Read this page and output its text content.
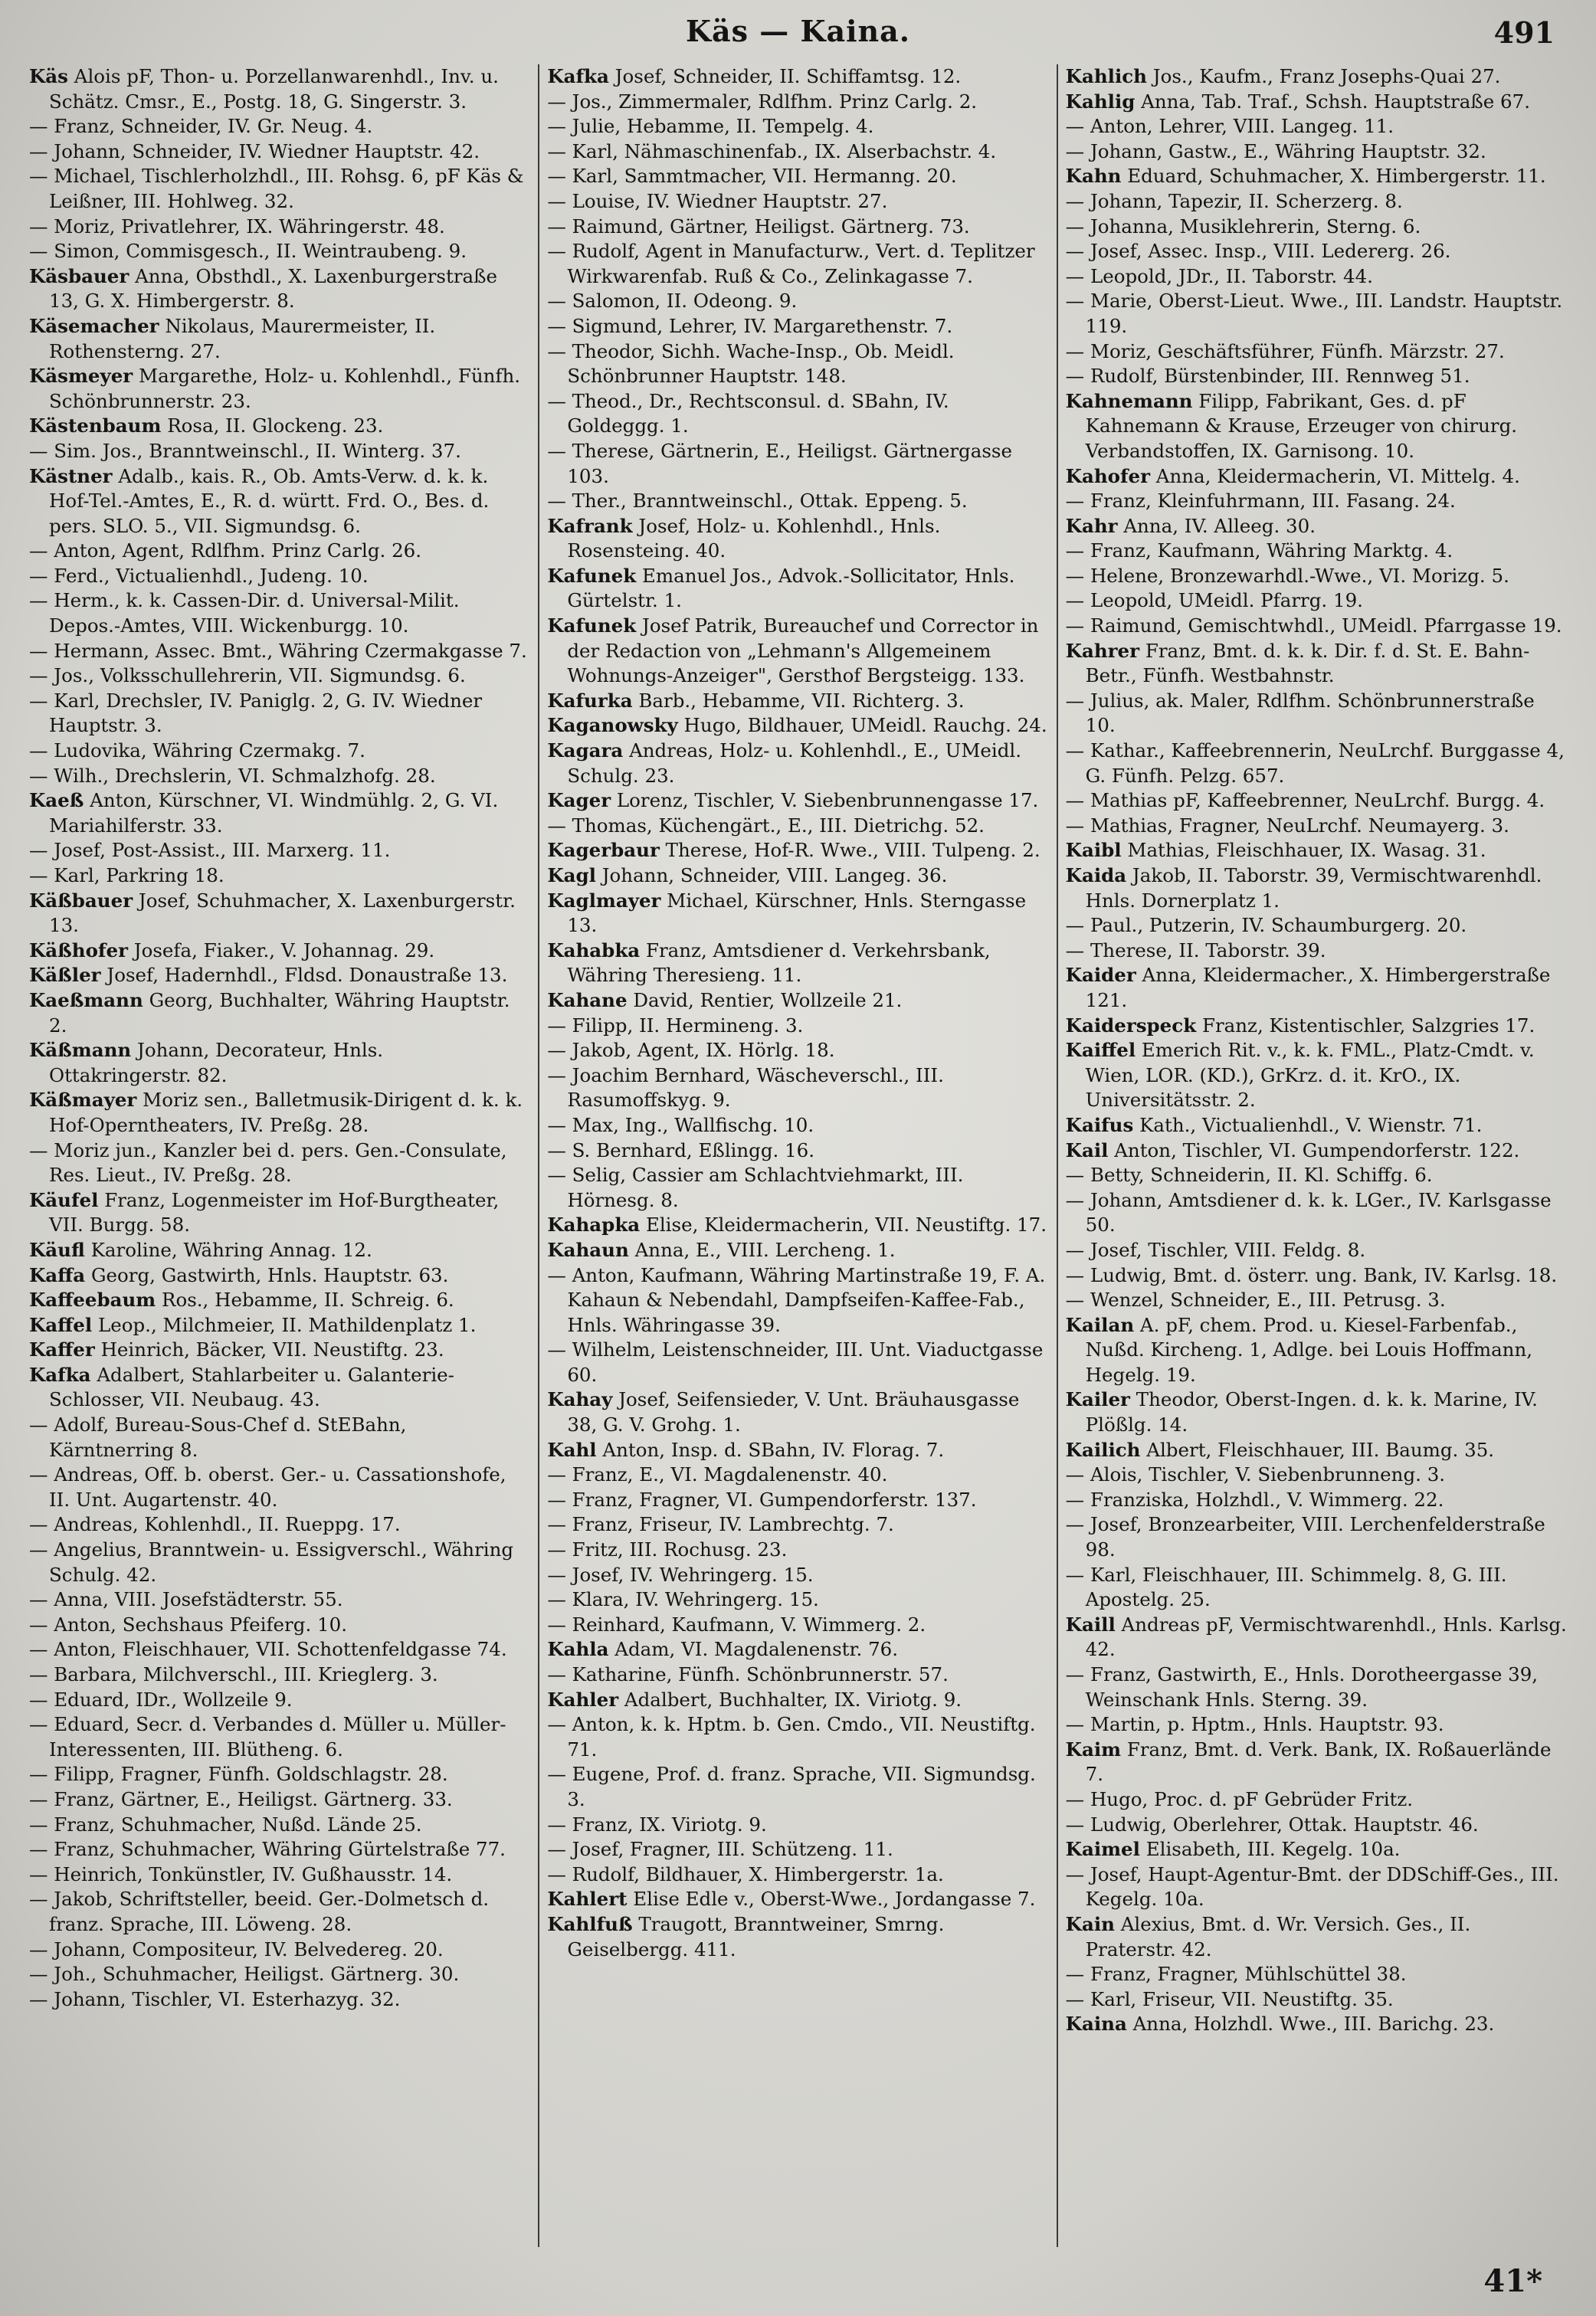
Käs — Kaina.	491
Käs Alois pF, Thon- u. Porzellanwarenhdl., Inv. u. Schätz. Cmsr., E., Postg. 18, G. Singerstr. 3.
— Franz, Schneider, IV. Gr. Neug. 4.
— Johann, Schneider, IV. Wiedner Hauptstr. 42.
— Michael, Tischlerholzhdl., III. Rohsg. 6, pF Käs & Leißner, III. Hohlweg. 32.
— Moriz, Privatlehrer, IX. Währingerstr. 48.
— Simon, Commisgesch., II. Weintraubeng. 9.
Käsbauer Anna, Obsthdl., X. Laxenburgerstraße 13, G. X. Himbergerstr. 8.
Käsemacher Nikolaus, Maurermeister, II. Rothensterng. 27.
Käsmeyer Margarethe, Holz- u. Kohlenhdl., Fünfh. Schönbrunnerstr. 23.
Kästenbaum Rosa, II. Glockeng. 23.
— Sim. Jos., Branntweinschl., II. Winterg. 37.
Kästner Adalb., kais. R., Ob. Amts-Verw. d. k. k. Hof-Tel.-Amtes, E., R. d. württ. Frd. O., Bes. d. pers. SLO. 5., VII. Sigmundsg. 6.
— Anton, Agent, Rdlfhm. Prinz Carlg. 26.
— Ferd., Victualienhdl., Judeng. 10.
— Herm., k. k. Cassen-Dir. d. Universal-Milit. Depos.-Amtes, VIII. Wickenburgg. 10.
— Hermann, Assec. Bmt., Währing Czermakgasse 7.
— Jos., Volksschullehrerin, VII. Sigmundsg. 6.
— Karl, Drechsler, IV. Paniglg. 2, G. IV. Wiedner Hauptstr. 3.
— Ludovika, Währing Czermakg. 7.
— Wilh., Drechslerin, VI. Schmalzhofg. 28.
Kaeß Anton, Kürschner, VI. Windmühlg. 2, G. VI. Mariahilferstr. 33.
— Josef, Post-Assist., III. Marxerg. 11.
— Karl, Parkring 18.
Käßbauer Josef, Schuhmacher, X. Laxenburgerstr. 13.
Käßhofer Josefa, Fiaker., V. Johannag. 29.
Käßler Josef, Hadernhdl., Fldsd. Donaustraße 13.
Kaeßmann Georg, Buchhalter, Währing Hauptstr. 2.
Käßmann Johann, Decorateur, Hnls. Ottakringerstr. 82.
Käßmayer Moriz sen., Balletmusik-Dirigent d. k. k. Hof-Operntheaters, IV. Preßg. 28.
— Moriz jun., Kanzler bei d. pers. Gen.-Consulate, Res. Lieut., IV. Preßg. 28.
Käufel Franz, Logenmeister im Hof-Burgtheater, VII. Burgg. 58.
Käufl Karoline, Währing Annag. 12.
Kaffa Georg, Gastwirth, Hnls. Hauptstr. 63.
Kaffeebaum Ros., Hebamme, II. Schreig. 6.
Kaffel Leop., Milchmeier, II. Mathildenplatz 1.
Kaffer Heinrich, Bäcker, VII. Neustiftg. 23.
Kafka Adalbert, Stahlarbeiter u. Galanterie-Schlosser, VII. Neubaug. 43.
— Adolf, Bureau-Sous-Chef d. StEBahn, Kärntnerring 8.
— Andreas, Off. b. oberst. Ger.- u. Cassationshofe, II. Unt. Augartenstr. 40.
— Andreas, Kohlenhdl., II. Rueppg. 17.
— Angelius, Branntwein- u. Essigverschl., Währing Schulg. 42.
— Anna, VIII. Josefstädterstr. 55.
— Anton, Sechshaus Pfeiferg. 10.
— Anton, Fleischhauer, VII. Schottenfeldgasse 74.
— Barbara, Milchverschl., III. Krieglerg. 3.
— Eduard, IDr., Wollzeile 9.
— Eduard, Secr. d. Verbandes d. Müller u. Müller-Interessenten, III. Blütheng. 6.
— Filipp, Fragner, Fünfh. Goldschlagstr. 28.
— Franz, Gärtner, E., Heiligst. Gärtnerg. 33.
— Franz, Schuhmacher, Nußd. Lände 25.
— Franz, Schuhmacher, Währing Gürtelstraße 77.
— Heinrich, Tonkünstler, IV. Gußhausstr. 14.
— Jakob, Schriftsteller, beeid. Ger.-Dolmetsch d. franz. Sprache, III. Löweng. 28.
— Johann, Compositeur, IV. Belvedereg. 20.
— Joh., Schuhmacher, Heiligst. Gärtnerg. 30.
— Johann, Tischler, VI. Esterhazyg. 32.
Kafka Josef, Schneider, II. Schiffamtsg. 12.
— Jos., Zimmermaler, Rdlfhm. Prinz Carlg. 2.
— Julie, Hebamme, II. Tempelg. 4.
— Karl, Nähmaschinenfab., IX. Alserbachstr. 4.
— Karl, Sammtmacher, VII. Hermanng. 20.
— Louise, IV. Wiedner Hauptstr. 27.
— Raimund, Gärtner, Heiligst. Gärtnerg. 73.
— Rudolf, Agent in Manufacturw., Vert. d. Teplitzer Wirkwarenfab. Ruß & Co., Zelinkagasse 7.
— Salomon, II. Odeong. 9.
— Sigmund, Lehrer, IV. Margarethenstr. 7.
— Theodor, Sichh. Wache-Insp., Ob. Meidl. Schönbrunner Hauptstr. 148.
— Theod., Dr., Rechtsconsul. d. SBahn, IV. Goldeggg. 1.
— Therese, Gärtnerin, E., Heiligst. Gärtnergasse 103.
— Ther., Branntweinschl., Ottak. Eppeng. 5.
Kafrank Josef, Holz- u. Kohlenhdl., Hnls. Rosensteing. 40.
Kafunek Emanuel Jos., Advok.-Sollicitator, Hnls. Gürtelstr. 1.
Kafunek Josef Patrik, Bureauchef und Corrector in der Redaction von „Lehmann's Allgemeinem Wohnungs-Anzeiger", Gersthof Bergsteigg. 133.
Kafurka Barb., Hebamme, VII. Richterg. 3.
Kaganowsky Hugo, Bildhauer, UMeidl. Rauchg. 24.
Kagara Andreas, Holz- u. Kohlenhdl., E., UMeidl. Schulg. 23.
Kager Lorenz, Tischler, V. Siebenbrunnengasse 17.
— Thomas, Küchengärt., E., III. Dietrichg. 52.
Kagerbaur Therese, Hof-R. Wwe., VIII. Tulpeng. 2.
Kagl Johann, Schneider, VIII. Langeg. 36.
Kaglmayer Michael, Kürschner, Hnls. Sterngasse 13.
Kahabka Franz, Amtsdiener d. Verkehrsbank, Währing Theresieng. 11.
Kahane David, Rentier, Wollzeile 21.
— Filipp, II. Hermineng. 3.
— Jakob, Agent, IX. Hörlg. 18.
— Joachim Bernhard, Wäscheverschl., III. Rasumoffskyg. 9.
— Max, Ing., Wallfischg. 10.
— S. Bernhard, Eßlingg. 16.
— Selig, Cassier am Schlachtviehmarkt, III. Hörnesg. 8.
Kahapka Elise, Kleidermacherin, VII. Neustiftg. 17.
Kahaun Anna, E., VIII. Lercheng. 1.
— Anton, Kaufmann, Währing Martinstraße 19, F. A. Kahaun & Nebendahl, Dampfseifen-Kaffee-Fab., Hnls. Währingasse 39.
— Wilhelm, Leistenschneider, III. Unt. Viaductgasse 60.
Kahay Josef, Seifensieder, V. Unt. Bräuhausgasse 38, G. V. Grohg. 1.
Kahl Anton, Insp. d. SBahn, IV. Florag. 7.
— Franz, E., VI. Magdalenenstr. 40.
— Franz, Fragner, VI. Gumpendorferstr. 137.
— Franz, Friseur, IV. Lambrechtg. 7.
— Fritz, III. Rochusg. 23.
— Josef, IV. Wehringerg. 15.
— Klara, IV. Wehringerg. 15.
— Reinhard, Kaufmann, V. Wimmerg. 2.
Kahla Adam, VI. Magdalenenstr. 76.
— Katharine, Fünfh. Schönbrunnerstr. 57.
Kahler Adalbert, Buchhalter, IX. Viriotg. 9.
— Anton, k. k. Hptm. b. Gen. Cmdo., VII. Neustiftg. 71.
— Eugene, Prof. d. franz. Sprache, VII. Sigmundsg. 3.
— Franz, IX. Viriotg. 9.
— Josef, Fragner, III. Schützeng. 11.
— Rudolf, Bildhauer, X. Himbergerstr. 1a.
Kahlert Elise Edle v., Oberst-Wwe., Jordangasse 7.
Kahlfuß Traugott, Branntweiner, Smrng. Geiselbergg. 411.
Kahlich Jos., Kaufm., Franz Josephs-Quai 27.
Kahlig Anna, Tab. Traf., Schsh. Hauptstraße 67.
— Anton, Lehrer, VIII. Langeg. 11.
— Johann, Gastw., E., Währing Hauptstr. 32.
Kahn Eduard, Schuhmacher, X. Himbergerstr. 11.
— Johann, Tapezir, II. Scherzerg. 8.
— Johanna, Musiklehrerin, Sterng. 6.
— Josef, Assec. Insp., VIII. Ledererg. 26.
— Leopold, JDr., II. Taborstr. 44.
— Marie, Oberst-Lieut. Wwe., III. Landstr. Hauptstr. 119.
— Moriz, Geschäftsführer, Fünfh. Märzstr. 27.
— Rudolf, Bürstenbinder, III. Rennweg 51.
Kahnemann Filipp, Fabrikant, Ges. d. pF Kahnemann & Krause, Erzeuger von chirurg. Verbandstoffen, IX. Garnisong. 10.
Kahofer Anna, Kleidermacherin, VI. Mittelg. 4.
— Franz, Kleinfuhrmann, III. Fasang. 24.
Kahr Anna, IV. Alleeg. 30.
— Franz, Kaufmann, Währing Marktg. 4.
— Helene, Bronzewarhdl.-Wwe., VI. Morizg. 5.
— Leopold, UMeidl. Pfarrg. 19.
— Raimund, Gemischtwhdl., UMeidl. Pfarrgasse 19.
Kahrer Franz, Bmt. d. k. k. Dir. f. d. St. E. Bahn-Betr., Fünfh. Westbahnstr.
— Julius, ak. Maler, Rdlfhm. Schönbrunnerstraße 10.
— Kathar., Kaffeebrennerin, NeuLrchf. Burggasse 4, G. Fünfh. Pelzg. 657.
— Mathias pF, Kaffeebrenner, NeuLrchf. Burgg. 4.
— Mathias, Fragner, NeuLrchf. Neumayerg. 3.
Kaibl Mathias, Fleischhauer, IX. Wasag. 31.
Kaida Jakob, II. Taborstr. 39, Vermischtwarenhdl. Hnls. Dornerplatz 1.
— Paul., Putzerin, IV. Schaumburgerg. 20.
— Therese, II. Taborstr. 39.
Kaider Anna, Kleidermacher., X. Himbergerstraße 121.
Kaiderspeck Franz, Kistentischler, Salzgries 17.
Kaiffel Emerich Rit. v., k. k. FML., Platz-Cmdt. v. Wien, LOR. (KD.), GrKrz. d. it. KrO., IX. Universitätsstr. 2.
Kaifus Kath., Victualienhdl., V. Wienstr. 71.
Kail Anton, Tischler, VI. Gumpendorferstr. 122.
— Betty, Schneiderin, II. Kl. Schiffg. 6.
— Johann, Amtsdiener d. k. k. LGer., IV. Karlsgasse 50.
— Josef, Tischler, VIII. Feldg. 8.
— Ludwig, Bmt. d. österr. ung. Bank, IV. Karlsg. 18.
— Wenzel, Schneider, E., III. Petrusg. 3.
Kailan A. pF, chem. Prod. u. Kiesel-Farbenfab., Nußd. Kircheng. 1, Adlge. bei Louis Hoffmann, Hegelg. 19.
Kailer Theodor, Oberst-Ingen. d. k. k. Marine, IV. Plößlg. 14.
Kailich Albert, Fleischhauer, III. Baumg. 35.
— Alois, Tischler, V. Siebenbrunneng. 3.
— Franziska, Holzhdl., V. Wimmerg. 22.
— Josef, Bronzearbeiter, VIII. Lerchenfelderstraße 98.
— Karl, Fleischhauer, III. Schimmelg. 8, G. III. Apostelg. 25.
Kaill Andreas pF, Vermischtwarenhdl., Hnls. Karlsg. 42.
— Franz, Gastwirth, E., Hnls. Dorotheergasse 39, Weinschank Hnls. Sterng. 39.
— Martin, p. Hptm., Hnls. Hauptstr. 93.
Kaim Franz, Bmt. d. Verk. Bank, IX. Roßauerlände 7.
— Hugo, Proc. d. pF Gebrüder Fritz.
— Ludwig, Oberlehrer, Ottak. Hauptstr. 46.
Kaimel Elisabeth, III. Kegelg. 10a.
— Josef, Haupt-Agentur-Bmt. der DDSchiff-Ges., III. Kegelg. 10a.
Kain Alexius, Bmt. d. Wr. Versich. Ges., II. Praterstr. 42.
— Franz, Fragner, Mühlschüttel 38.
— Karl, Friseur, VII. Neustiftg. 35.
Kaina Anna, Holzhdl. Wwe., III. Barichg. 23.
41*
